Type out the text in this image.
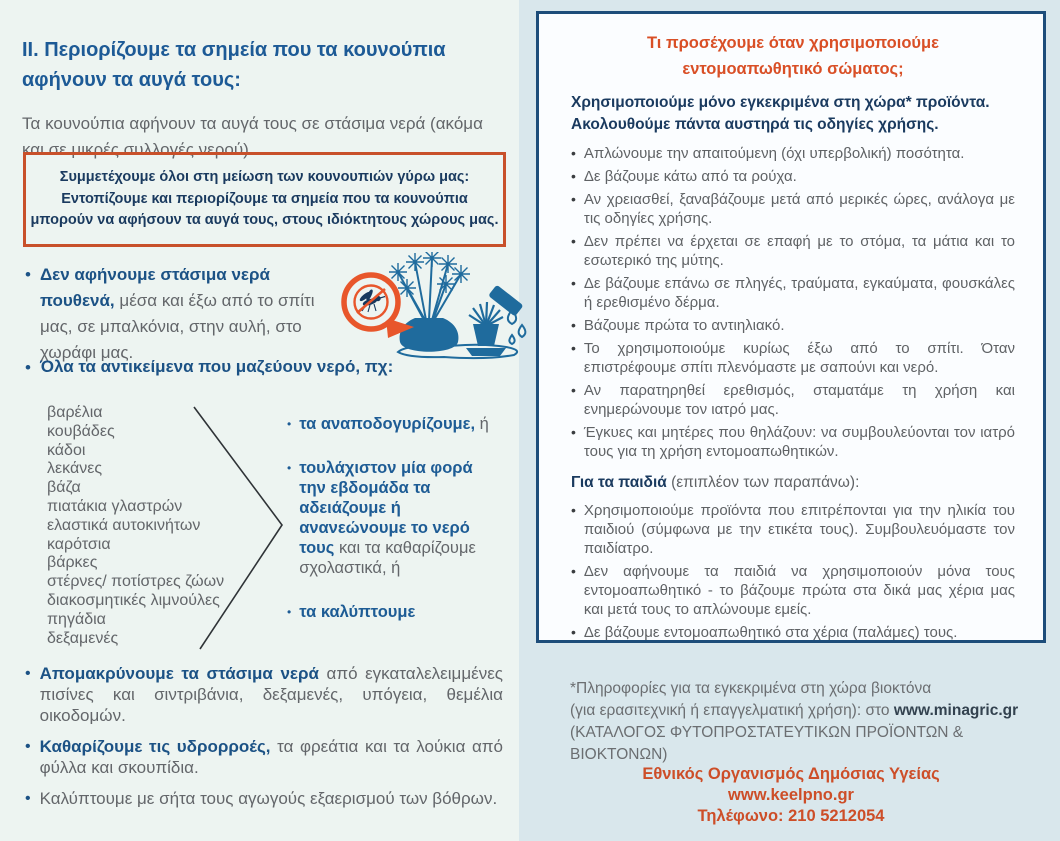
ΙΙ. Περιορίζουμε τα σημεία που τα κουνούπια αφήνουν τα αυγά τους:

Τα κουνούπια αφήνουν τα αυγά τους σε στάσιμα νερά (ακόμα και σε μικρές συλλογές νερού).

Συμμετέχουμε όλοι στη μείωση των κουνουπιών γύρω μας:
Εντοπίζουμε και περιορίζουμε τα σημεία που τα κουνούπια
μπορούν να αφήσουν τα αυγά τους, στους ιδιόκτητους χώρους μας.
• Δεν αφήνουμε στάσιμα νερά πουθενά, μέσα και έξω από το σπίτι μας, σε μπαλκόνια, στην αυλή, στο χωράφι μας.
• Όλα τα αντικείμενα που μαζεύουν νερό, πχ:
βαρέλια
κουβάδες
κάδοι
λεκάνες
βάζα
πιατάκια γλαστρών
ελαστικά αυτοκινήτων
καρότσια
βάρκες
στέρνες/ ποτίστρες ζώων
διακοσμητικές λιμνούλες
πηγάδια
δεξαμενές
• τα αναποδογυρίζουμε, ή
• τουλάχιστον μία φορά την εβδομάδα τα αδειάζουμε ή ανανεώνουμε το νερό τους και τα καθαρίζουμε σχολαστικά, ή
• τα καλύπτουμε
• Απομακρύνουμε τα στάσιμα νερά από εγκαταλελειμμένες πισίνες και σιντριβάνια, δεξαμενές, υπόγεια, θεμέλια οικοδομών.
• Καθαρίζουμε τις υδρορροές, τα φρεάτια και τα λούκια από φύλλα και σκουπίδια.
• Καλύπτουμε με σήτα τους αγωγούς εξαερισμού των βόθρων.
Τι προσέχουμε όταν χρησιμοποιούμε
εντομοαπωθητικό σώματος;
Χρησιμοποιούμε μόνο εγκεκριμένα στη χώρα* προϊόντα.
Ακολουθούμε πάντα αυστηρά τις οδηγίες χρήσης.
• Απλώνουμε την απαιτούμενη (όχι υπερβολική) ποσότητα.
• Δε βάζουμε κάτω από τα ρούχα.
• Αν χρειασθεί, ξαναβάζουμε μετά από μερικές ώρες, ανάλογα με τις οδηγίες χρήσης.
• Δεν πρέπει να έρχεται σε επαφή με το στόμα, τα μάτια και το εσωτερικό της μύτης.
• Δε βάζουμε επάνω σε πληγές, τραύματα, εγκαύματα, φουσκάλες ή ερεθισμένο δέρμα.
• Βάζουμε πρώτα το αντιηλιακό.
• Το χρησιμοποιούμε κυρίως έξω από το σπίτι. Όταν επιστρέφουμε σπίτι πλενόμαστε με σαπούνι και νερό.
• Αν παρατηρηθεί ερεθισμός, σταματάμε τη χρήση και ενημερώνουμε τον ιατρό μας.
• Έγκυες και μητέρες που θηλάζουν: να συμβουλεύονται τον ιατρό τους για τη χρήση εντομοαπωθητικών.
Για τα παιδιά (επιπλέον των παραπάνω):
• Χρησιμοποιούμε προϊόντα που επιτρέπονται για την ηλικία του παιδιού (σύμφωνα με την ετικέτα τους). Συμβουλευόμαστε τον παιδίατρο.
• Δεν αφήνουμε τα παιδιά να χρησιμοποιούν μόνα τους εντομοαπωθητικό - το βάζουμε πρώτα στα δικά μας χέρια μας και μετά τους το απλώνουμε εμείς.
• Δε βάζουμε εντομοαπωθητικό στα χέρια (παλάμες) τους.
*Πληροφορίες για τα εγκεκριμένα στη χώρα βιοκτόνα
(για ερασιτεχνική ή επαγγελματική χρήση): στο www.minagric.gr
(ΚΑΤΑΛΟΓΟΣ ΦΥΤΟΠΡΟΣΤΑΤΕΥΤΙΚΩΝ ΠΡΟΪΟΝΤΩΝ & ΒΙΟΚΤΟΝΩΝ)
Εθνικός Οργανισμός Δημόσιας Υγείας
www.keelpno.gr
Τηλέφωνο: 210 5212054
